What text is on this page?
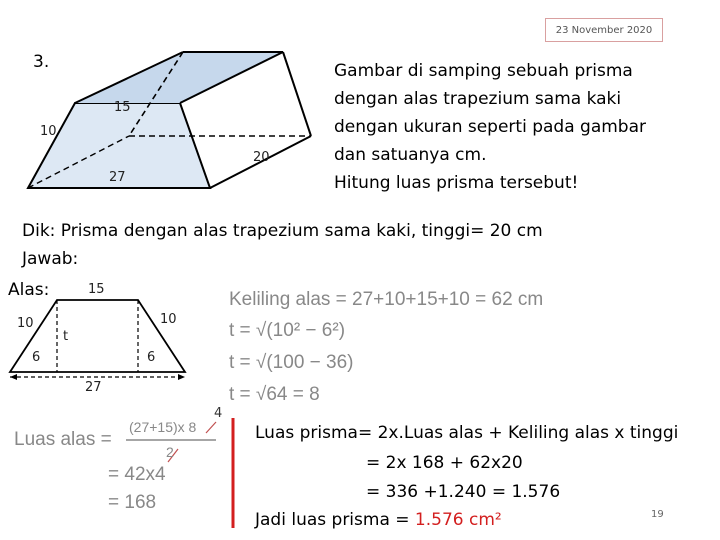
23 November 2020
3.
15
10
27
20
Gambar di samping sebuah prisma
dengan alas trapezium sama kaki
dengan ukuran seperti pada gambar
dan satuanya cm.
Hitung luas prisma tersebut!
Dik: Prisma dengan alas trapezium sama kaki, tinggi= 20 cm
Jawab:
Alas:	15
10	10
t
6	6
27
Keliling alas = 27+10+15+10 = 62 cm
t = √(10² − 6²)
t = √(100 − 36)
t = √64 = 8
Luas alas =
(27+15)x 8
2
4
= 42x4
= 168
Luas prisma= 2x.Luas alas + Keliling alas x tinggi
= 2x 168 + 62x20
= 336 +1.240 = 1.576
Jadi luas prisma = 1.576 cm²	19
